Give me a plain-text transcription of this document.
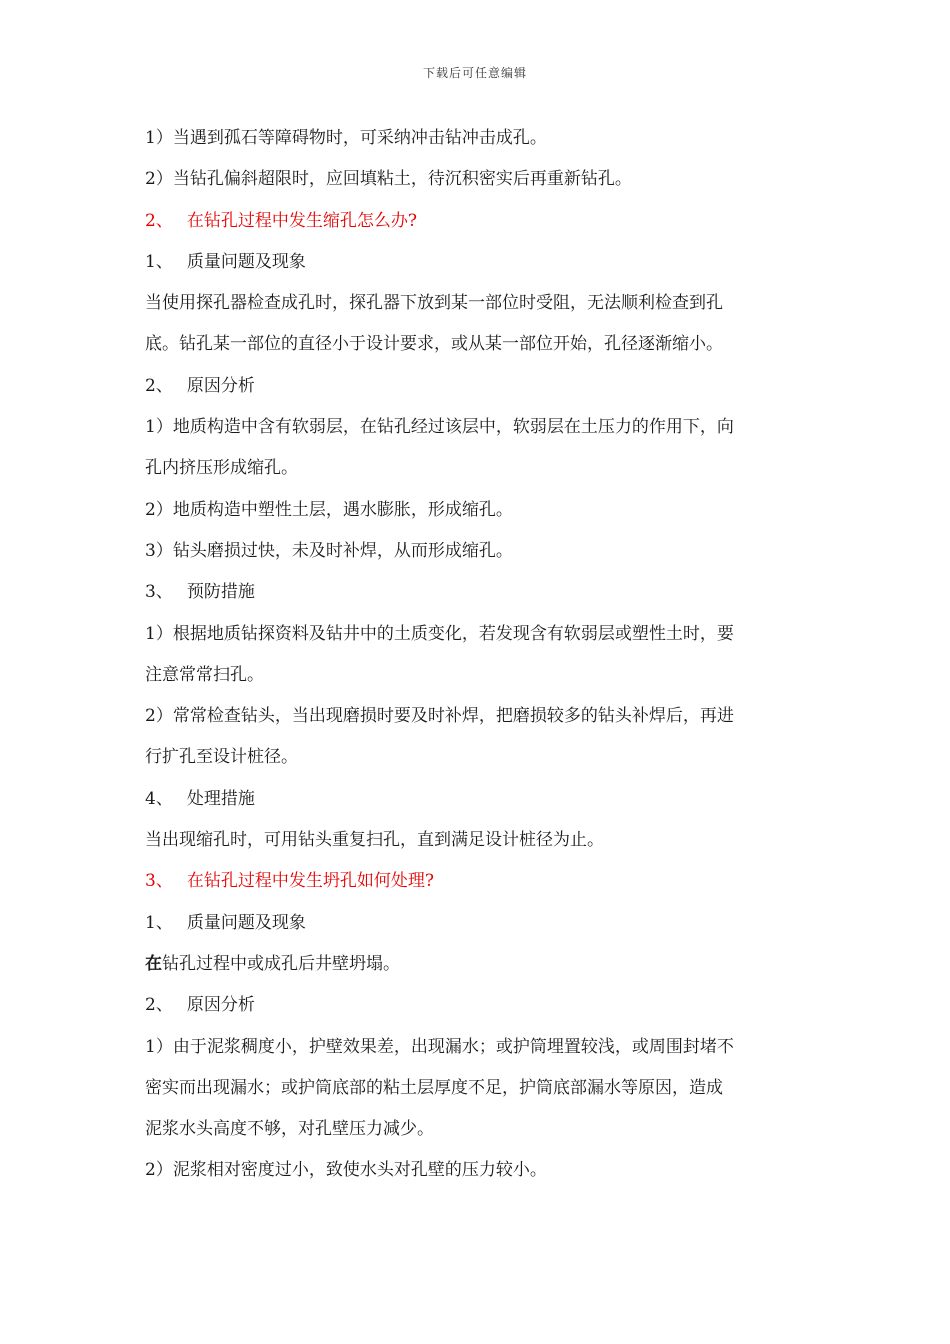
下载后可任意编辑
1）当遇到孤石等障碍物时，可采纳冲击钻冲击成孔。
2）当钻孔偏斜超限时，应回填粘土，待沉积密实后再重新钻孔。
2、 在钻孔过程中发生缩孔怎么办?
1、 质量问题及现象
当使用探孔器检查成孔时，探孔器下放到某一部位时受阻，无法顺利检查到孔
底。钻孔某一部位的直径小于设计要求，或从某一部位开始，孔径逐渐缩小。
2、 原因分析
1）地质构造中含有软弱层，在钻孔经过该层中，软弱层在土压力的作用下，向
孔内挤压形成缩孔。
2）地质构造中塑性土层，遇水膨胀，形成缩孔。
3）钻头磨损过快，未及时补焊，从而形成缩孔。
3、 预防措施
1）根据地质钻探资料及钻井中的土质变化，若发现含有软弱层或塑性土时，要
注意常常扫孔。
2）常常检查钻头，当出现磨损时要及时补焊，把磨损较多的钻头补焊后，再进
行扩孔至设计桩径。
4、 处理措施
当出现缩孔时，可用钻头重复扫孔，直到满足设计桩径为止。
3、 在钻孔过程中发生坍孔如何处理?
1、 质量问题及现象
在钻孔过程中或成孔后井壁坍塌。
2、 原因分析
1）由于泥浆稠度小，护壁效果差，出现漏水；或护筒埋置较浅，或周围封堵不
密实而出现漏水；或护筒底部的粘土层厚度不足，护筒底部漏水等原因，造成
泥浆水头高度不够，对孔壁压力减少。
2）泥浆相对密度过小，致使水头对孔壁的压力较小。
